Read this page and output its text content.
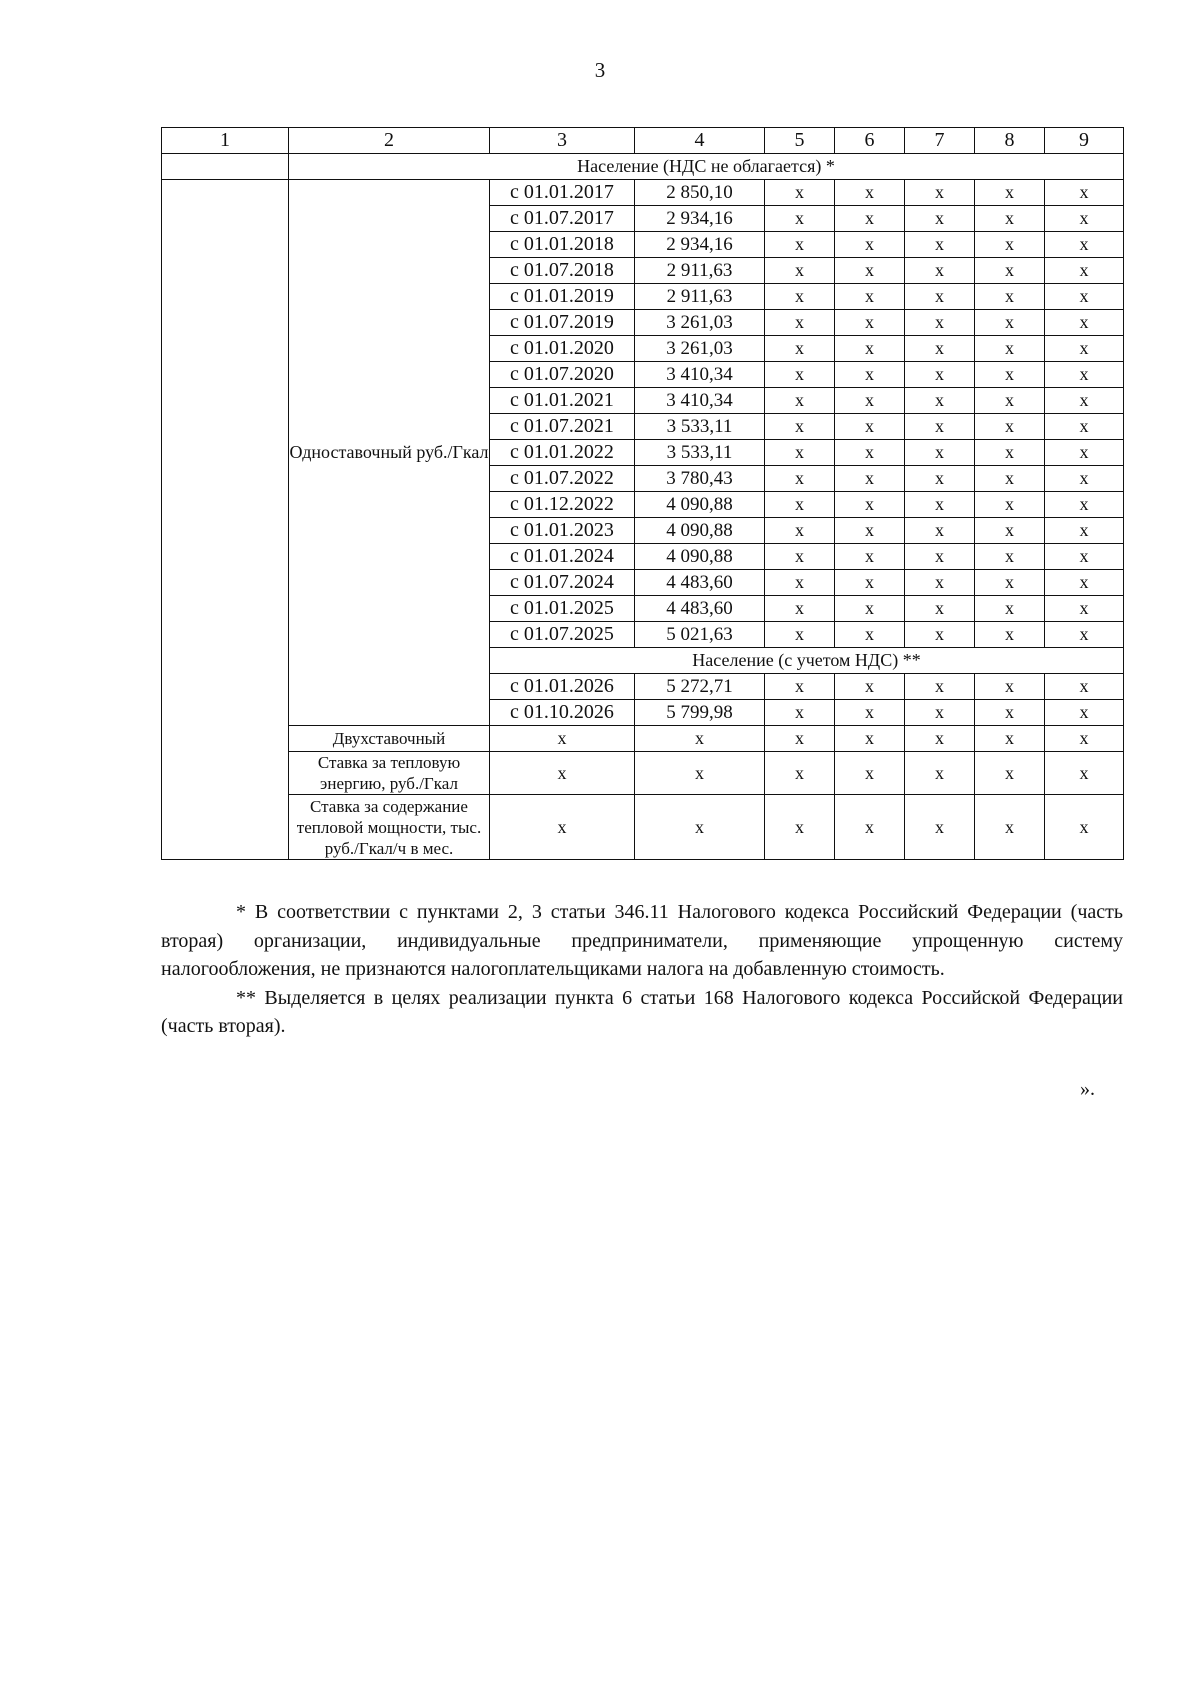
3
1	2	3	4	5	6	7	8	9
	Население (НДС не облагается) *							
	Одноставочный руб./Гкал	с 01.01.2017	2 850,10	x	x	x	x	x
		с 01.07.2017	2 934,16	x	x	x	x	x
		с 01.01.2018	2 934,16	x	x	x	x	x
		с 01.07.2018	2 911,63	x	x	x	x	x
		с 01.01.2019	2 911,63	x	x	x	x	x
		с 01.07.2019	3 261,03	x	x	x	x	x
		с 01.01.2020	3 261,03	x	x	x	x	x
		с 01.07.2020	3 410,34	x	x	x	x	x
		с 01.01.2021	3 410,34	x	x	x	x	x
		с 01.07.2021	3 533,11	x	x	x	x	x
		с 01.01.2022	3 533,11	x	x	x	x	x
		с 01.07.2022	3 780,43	x	x	x	x	x
		с 01.12.2022	4 090,88	x	x	x	x	x
		с 01.01.2023	4 090,88	x	x	x	x	x
		с 01.01.2024	4 090,88	x	x	x	x	x
		с 01.07.2024	4 483,60	x	x	x	x	x
		с 01.01.2025	4 483,60	x	x	x	x	x
		с 01.07.2025	5 021,63	x	x	x	x	x
		Население (с учетом НДС) **						
		с 01.01.2026	5 272,71	x	x	x	x	x
		с 01.10.2026	5 799,98	x	x	x	x	x
	Двухставочный	x	x	x	x	x	x	x
	Ставка за тепловую энергию, руб./Гкал	x	x	x	x	x	x	x
	Ставка за содержание тепловой мощности, тыс. руб./Гкал/ч в мес.	x	x	x	x	x	x	x

* В соответствии с пунктами 2, 3 статьи 346.11 Налогового кодекса Российский Федерации (часть вторая) организации, индивидуальные предприниматели, применяющие упрощенную систему налогообложения, не признаются налогоплательщиками налога на добавленную стоимость.

** Выделяется в целях реализации пункта 6 статьи 168 Налогового кодекса Российской Федерации (часть вторая).

».
